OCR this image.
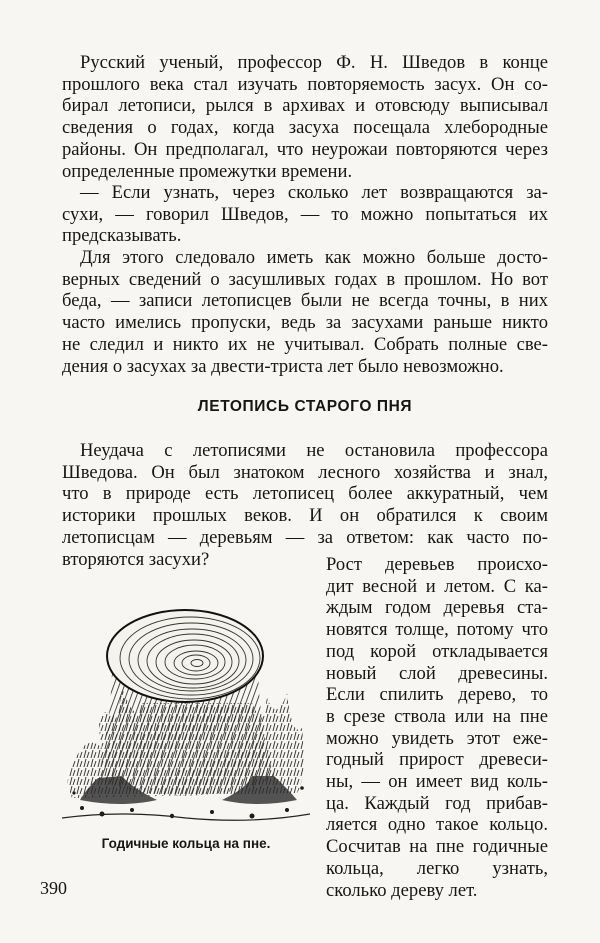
Русский ученый, профессор Ф. Н. Шведов в конце
прошлого века стал изучать повторяемость засух. Он со-
бирал летописи, рылся в архивах и отовсюду выписывал
сведения о годах, когда засуха посещала хлебородные
районы. Он предполагал, что неурожаи повторяются через
определенные промежутки времени.
— Если узнать, через сколько лет возвращаются за-
сухи, — говорил Шведов, — то можно попытаться их
предсказывать.
Для этого следовало иметь как можно больше досто-
верных сведений о засушливых годах в прошлом. Но вот
беда, — записи летописцев были не всегда точны, в них
часто имелись пропуски, ведь за засухами раньше никто
не следил и никто их не учитывал. Собрать полные све-
дения о засухах за двести-триста лет было невозможно.
ЛЕТОПИСЬ СТАРОГО ПНЯ
Неудача с летописями не остановила профессора
Шведова. Он был знатоком лесного хозяйства и знал,
что в природе есть летописец более аккуратный, чем
историки прошлых веков. И он обратился к своим
летописцам — деревьям — за ответом: как часто по-
вторяются засухи?	Рост деревьев происхо-
дит весной и летом. С ка-
ждым годом деревья ста-
новятся толще, потому что
под корой откладывается
новый слой древесины.
Если спилить дерево, то
в срезе ствола или на пне
можно увидеть этот еже-
годный прирост древеси-
ны, — он имеет вид коль-
ца. Каждый год прибав-
ляется одно такое кольцо.
Сосчитав на пне годичные
кольца, легко узнать,
сколько дереву лет.
Годичные кольца на пне.
390
